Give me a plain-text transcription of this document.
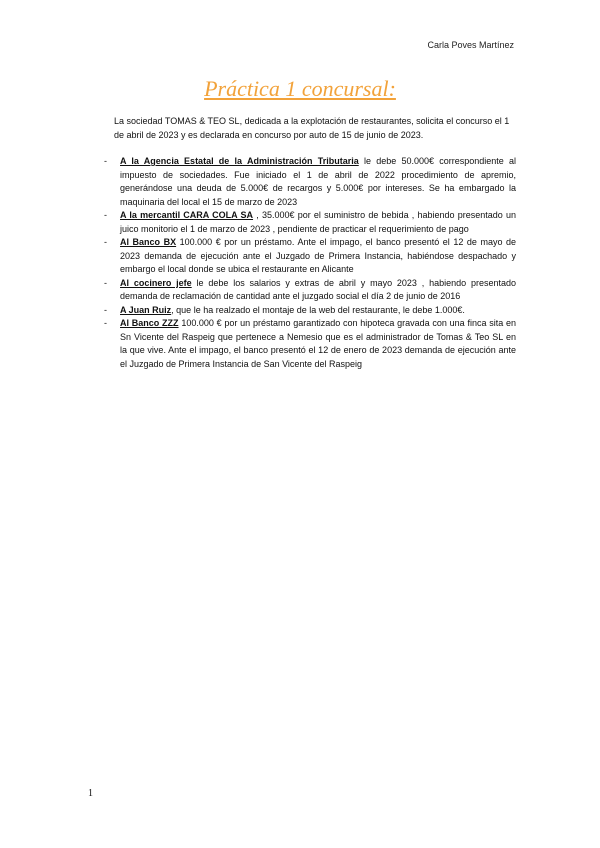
Carla Poves Martínez
Práctica 1 concursal:
La sociedad TOMAS & TEO SL, dedicada a la explotación de restaurantes, solicita el concurso el 1 de abril de 2023 y es declarada en concurso por auto de 15 de junio de 2023.
- A la Agencia Estatal de la Administración Tributaria le debe 50.000€ correspondiente al impuesto de sociedades. Fue iniciado el 1 de abril de 2022 procedimiento de apremio, generándose una deuda de 5.000€ de recargos y 5.000€ por intereses. Se ha embargado la maquinaria del local el 15 de marzo de 2023
- A la mercantil CARA COLA SA , 35.000€ por el suministro de bebida , habiendo presentado un juico monitorio el 1 de marzo de 2023 , pendiente de practicar el requerimiento de pago
- Al Banco BX 100.000 € por un préstamo. Ante el impago, el banco presentó el 12 de mayo de 2023 demanda de ejecución ante el Juzgado de Primera Instancia, habiéndose despachado y embargo el local donde se ubica el restaurante en Alicante
- Al cocinero jefe le debe los salarios y extras de abril y mayo 2023 , habiendo presentado demanda de reclamación de cantidad ante el juzgado social el día 2 de junio de 2016
- A Juan Ruiz, que le ha realzado el montaje de la web del restaurante, le debe 1.000€.
- Al Banco ZZZ 100.000 € por un préstamo garantizado con hipoteca gravada con una finca sita en Sn Vicente del Raspeig que pertenece a Nemesio que es el administrador de Tomas & Teo SL en la que vive. Ante el impago, el banco presentó el 12 de enero de 2023 demanda de ejecución ante el Juzgado de Primera Instancia de San Vicente del Raspeig
1
